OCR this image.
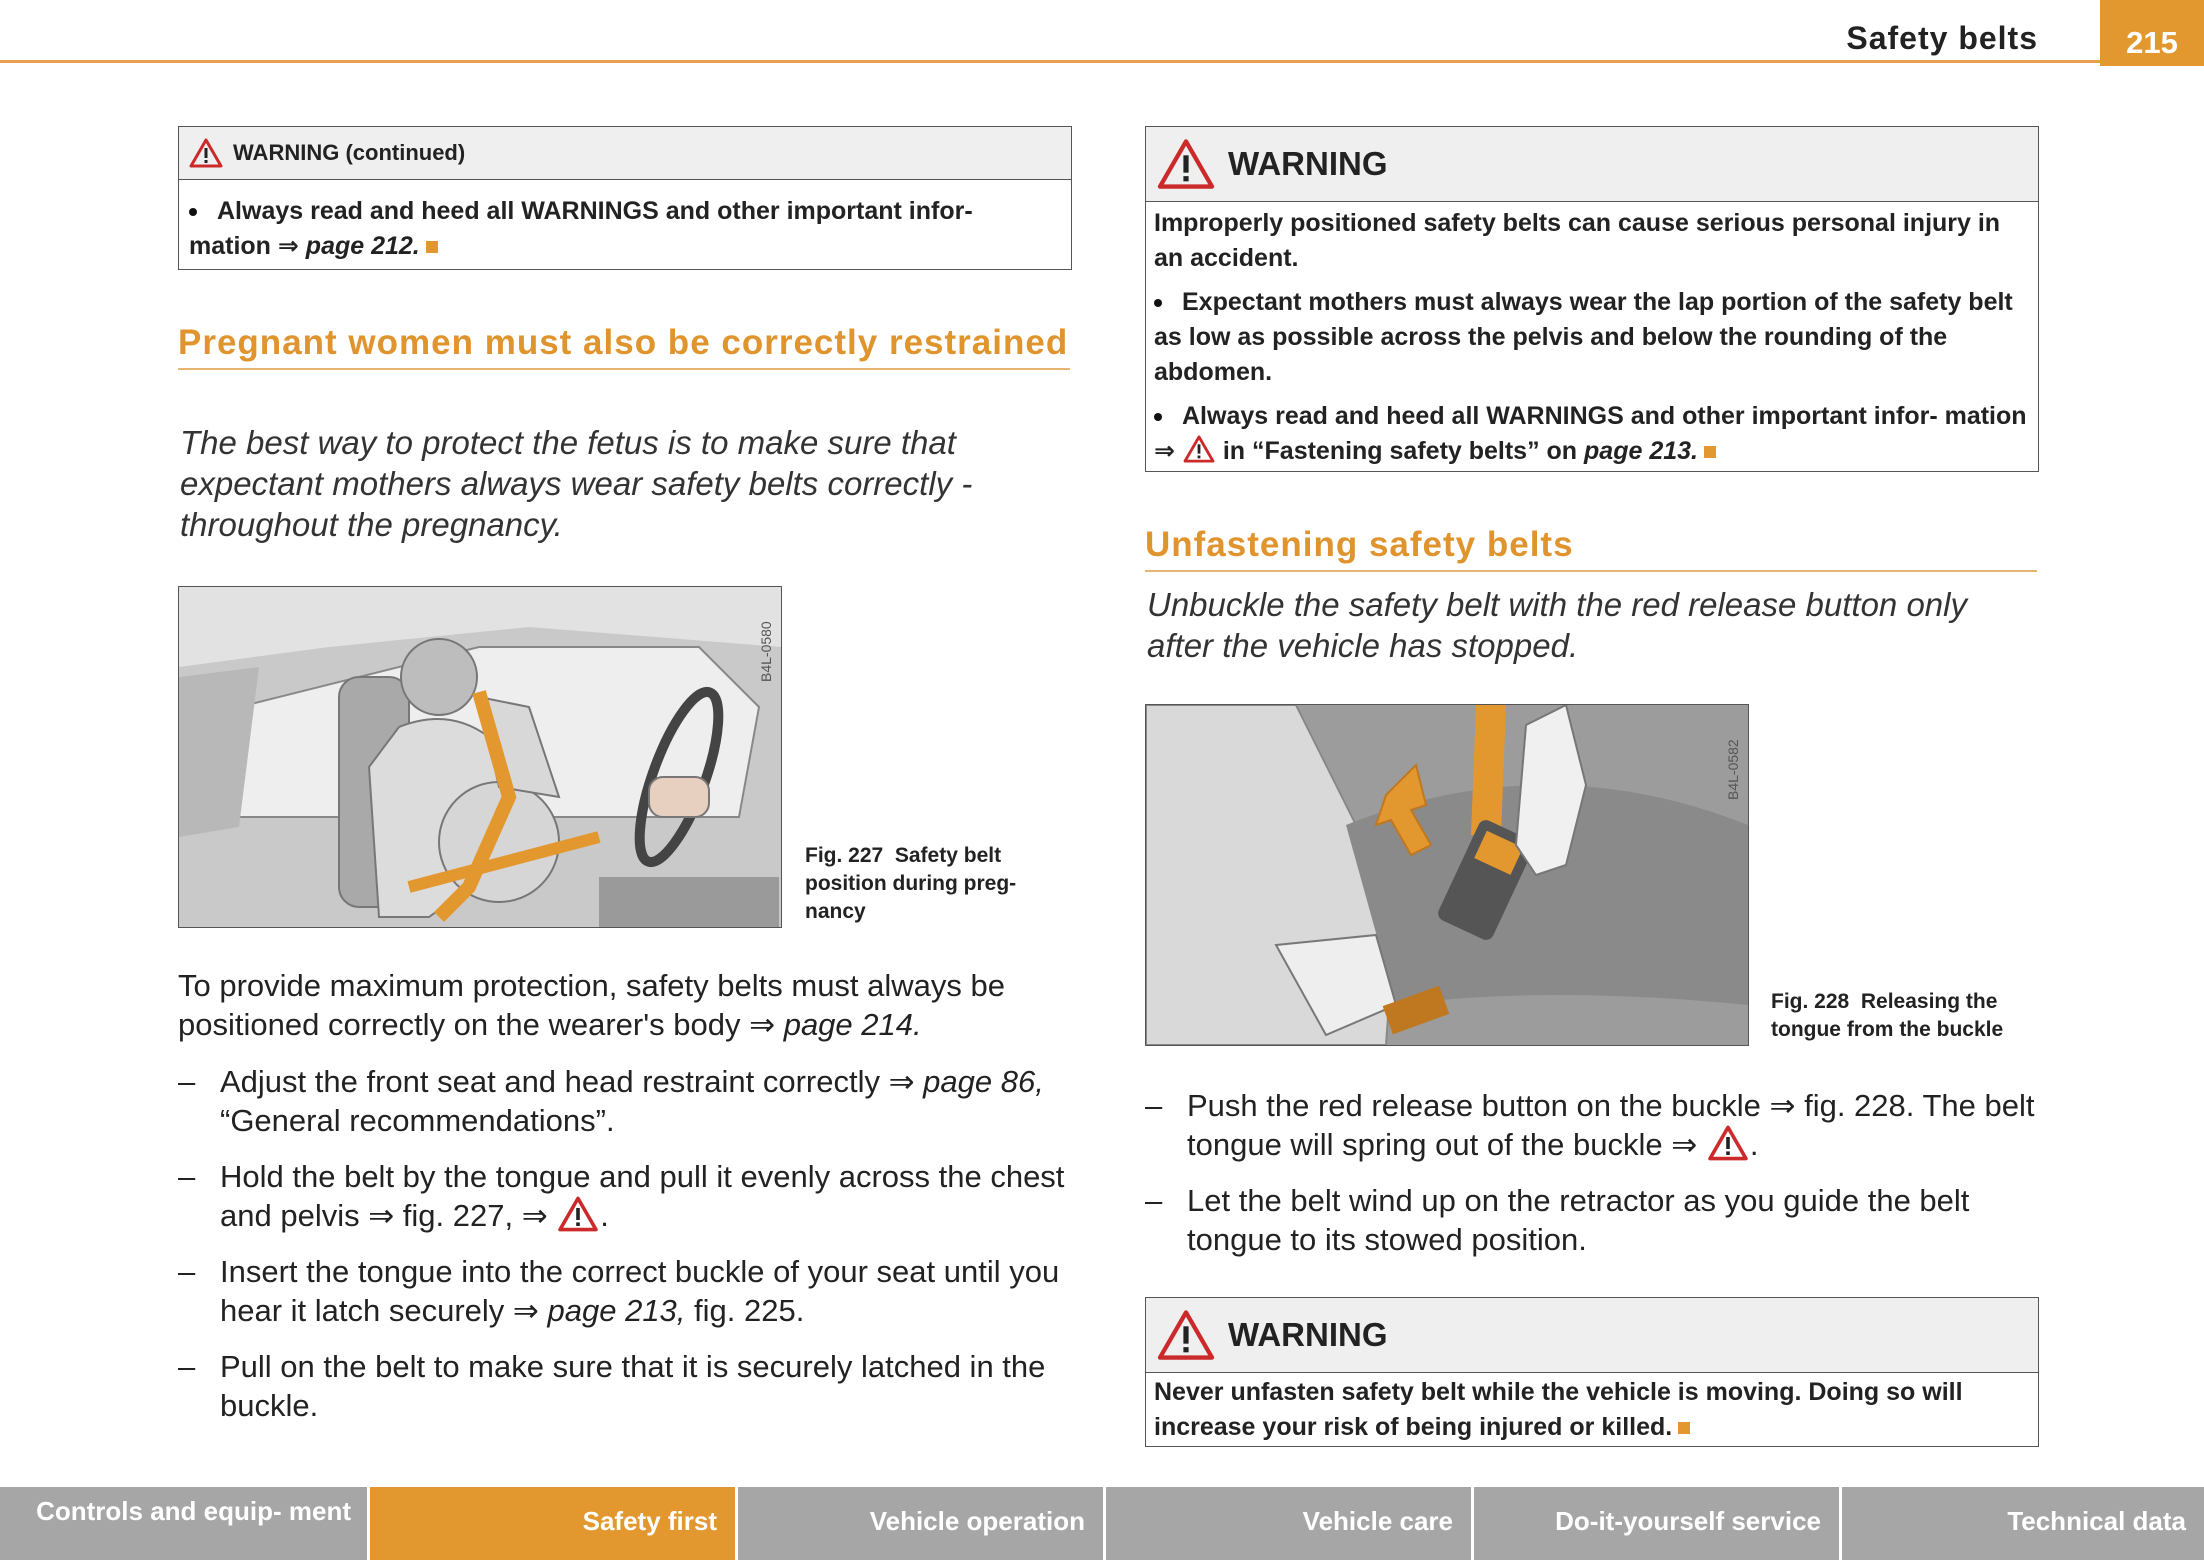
Safety belts	215
WARNING (continued)

Always read and heed all WARNINGS and other important infor-

mation ⇒ page 212.

Pregnant women must also be correctly restrained
The best way to protect the fetus is to make sure that expectant mothers always wear safety belts correctly - throughout the pregnancy.
B4L-0580
Fig. 227 Safety belt position during preg- nancy
To provide maximum protection, safety belts must always be positioned correctly on the wearer's body ⇒ page 214.
– Adjust the front seat and head restraint correctly ⇒ page 86, “General recommendations”.
– Hold the belt by the tongue and pull it evenly across the chest and pelvis ⇒ fig. 227, ⇒ .
– Insert the tongue into the correct buckle of your seat until you hear it latch securely ⇒ page 213, fig. 225.
– Pull on the belt to make sure that it is securely latched in the buckle.
WARNING

Improperly positioned safety belts can cause serious personal injury in an accident.

Expectant mothers must always wear the lap portion of the safety belt as low as possible across the pelvis and below the rounding of the abdomen.

Always read and heed all WARNINGS and other important infor- mation ⇒  in “Fastening safety belts” on page 213.

Unfastening safety belts
Unbuckle the safety belt with the red release button only after the vehicle has stopped.
B4L-0582
Fig. 228 Releasing the tongue from the buckle
– Push the red release button on the buckle ⇒ fig. 228. The belt tongue will spring out of the buckle ⇒ .
– Let the belt wind up on the retractor as you guide the belt tongue to its stowed position.
WARNING

Never unfasten safety belt while the vehicle is moving. Doing so will increase your risk of being injured or killed.

Controls and equip- ment	Safety first	Vehicle operation	Vehicle care	Do-it-yourself service	Technical data
